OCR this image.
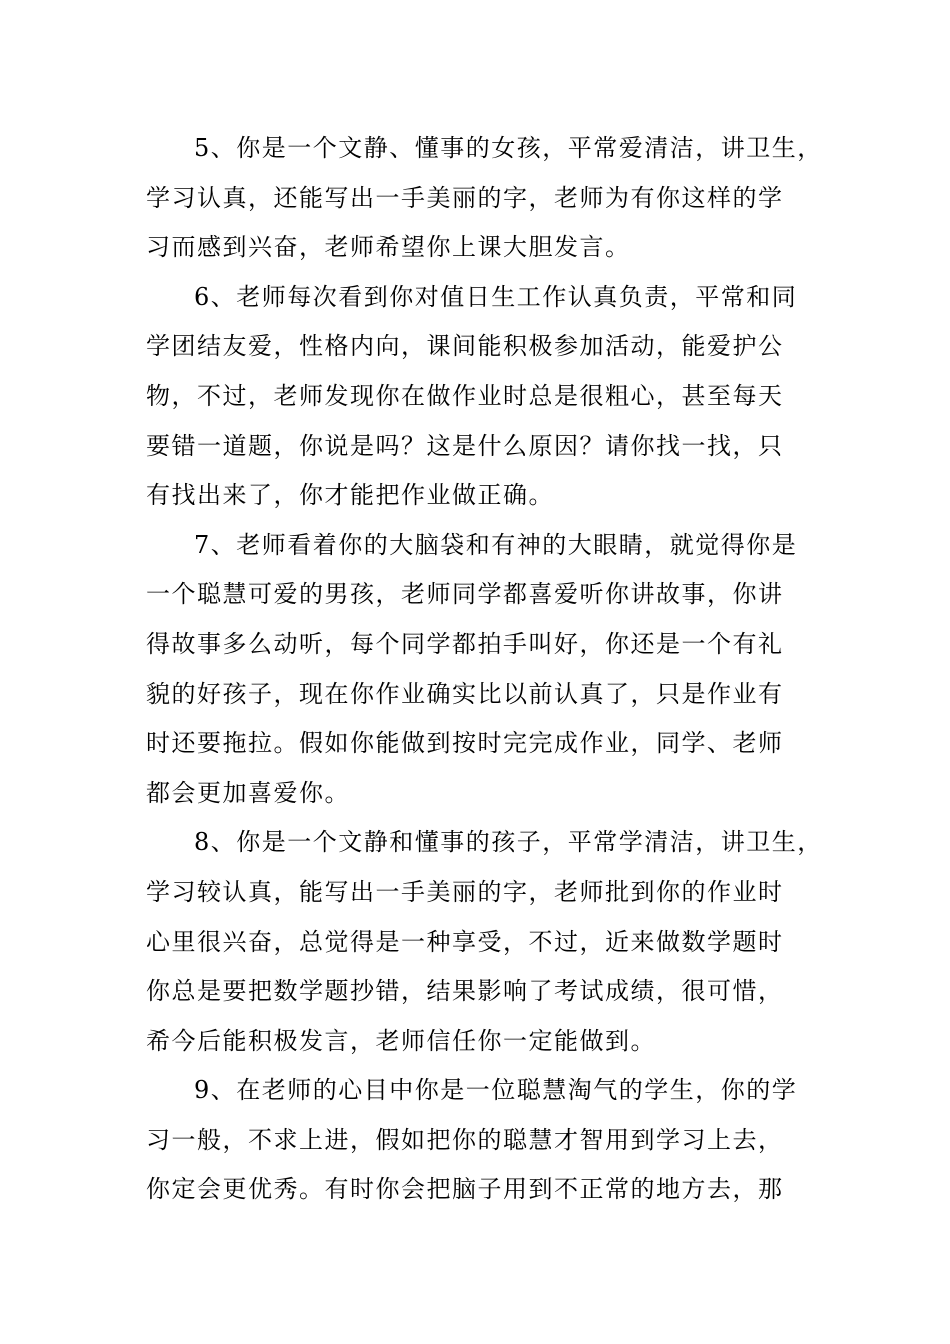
5、你是一个文静、懂事的女孩，平常爱清洁，讲卫生，
学习认真，还能写出一手美丽的字，老师为有你这样的学
习而感到兴奋，老师希望你上课大胆发言。
6、老师每次看到你对值日生工作认真负责，平常和同
学团结友爱，性格内向，课间能积极参加活动，能爱护公
物，不过，老师发现你在做作业时总是很粗心，甚至每天
要错一道题，你说是吗？这是什么原因？请你找一找，只
有找出来了，你才能把作业做正确。
7、老师看着你的大脑袋和有神的大眼睛，就觉得你是
一个聪慧可爱的男孩，老师同学都喜爱听你讲故事，你讲
得故事多么动听，每个同学都拍手叫好，你还是一个有礼
貌的好孩子，现在你作业确实比以前认真了，只是作业有
时还要拖拉。假如你能做到按时完完成作业，同学、老师
都会更加喜爱你。
8、你是一个文静和懂事的孩子，平常学清洁，讲卫生，
学习较认真，能写出一手美丽的字，老师批到你的作业时
心里很兴奋，总觉得是一种享受，不过，近来做数学题时
你总是要把数学题抄错，结果影响了考试成绩，很可惜，
希今后能积极发言，老师信任你一定能做到。
9、在老师的心目中你是一位聪慧淘气的学生，你的学
习一般，不求上进，假如把你的聪慧才智用到学习上去，
你定会更优秀。有时你会把脑子用到不正常的地方去，那
